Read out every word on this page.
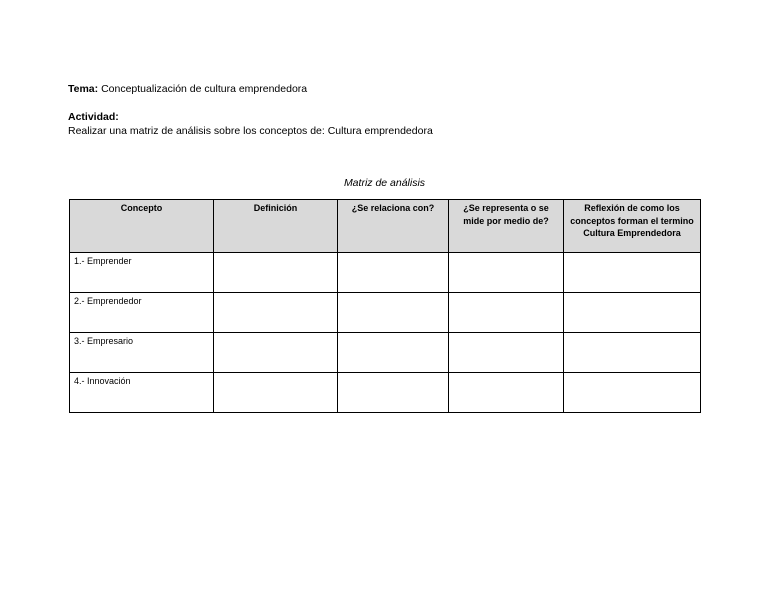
Tema: Conceptualización de cultura emprendedora
Actividad:
Realizar una matriz de análisis sobre los conceptos de: Cultura emprendedora
Matriz de análisis
Concepto	Definición	¿Se relaciona con?	¿Se representa o se mide por medio de?	Reflexión de como los conceptos forman el termino Cultura Emprendedora
1.- Emprender				
2.- Emprendedor				
3.- Empresario				
4.- Innovación				
